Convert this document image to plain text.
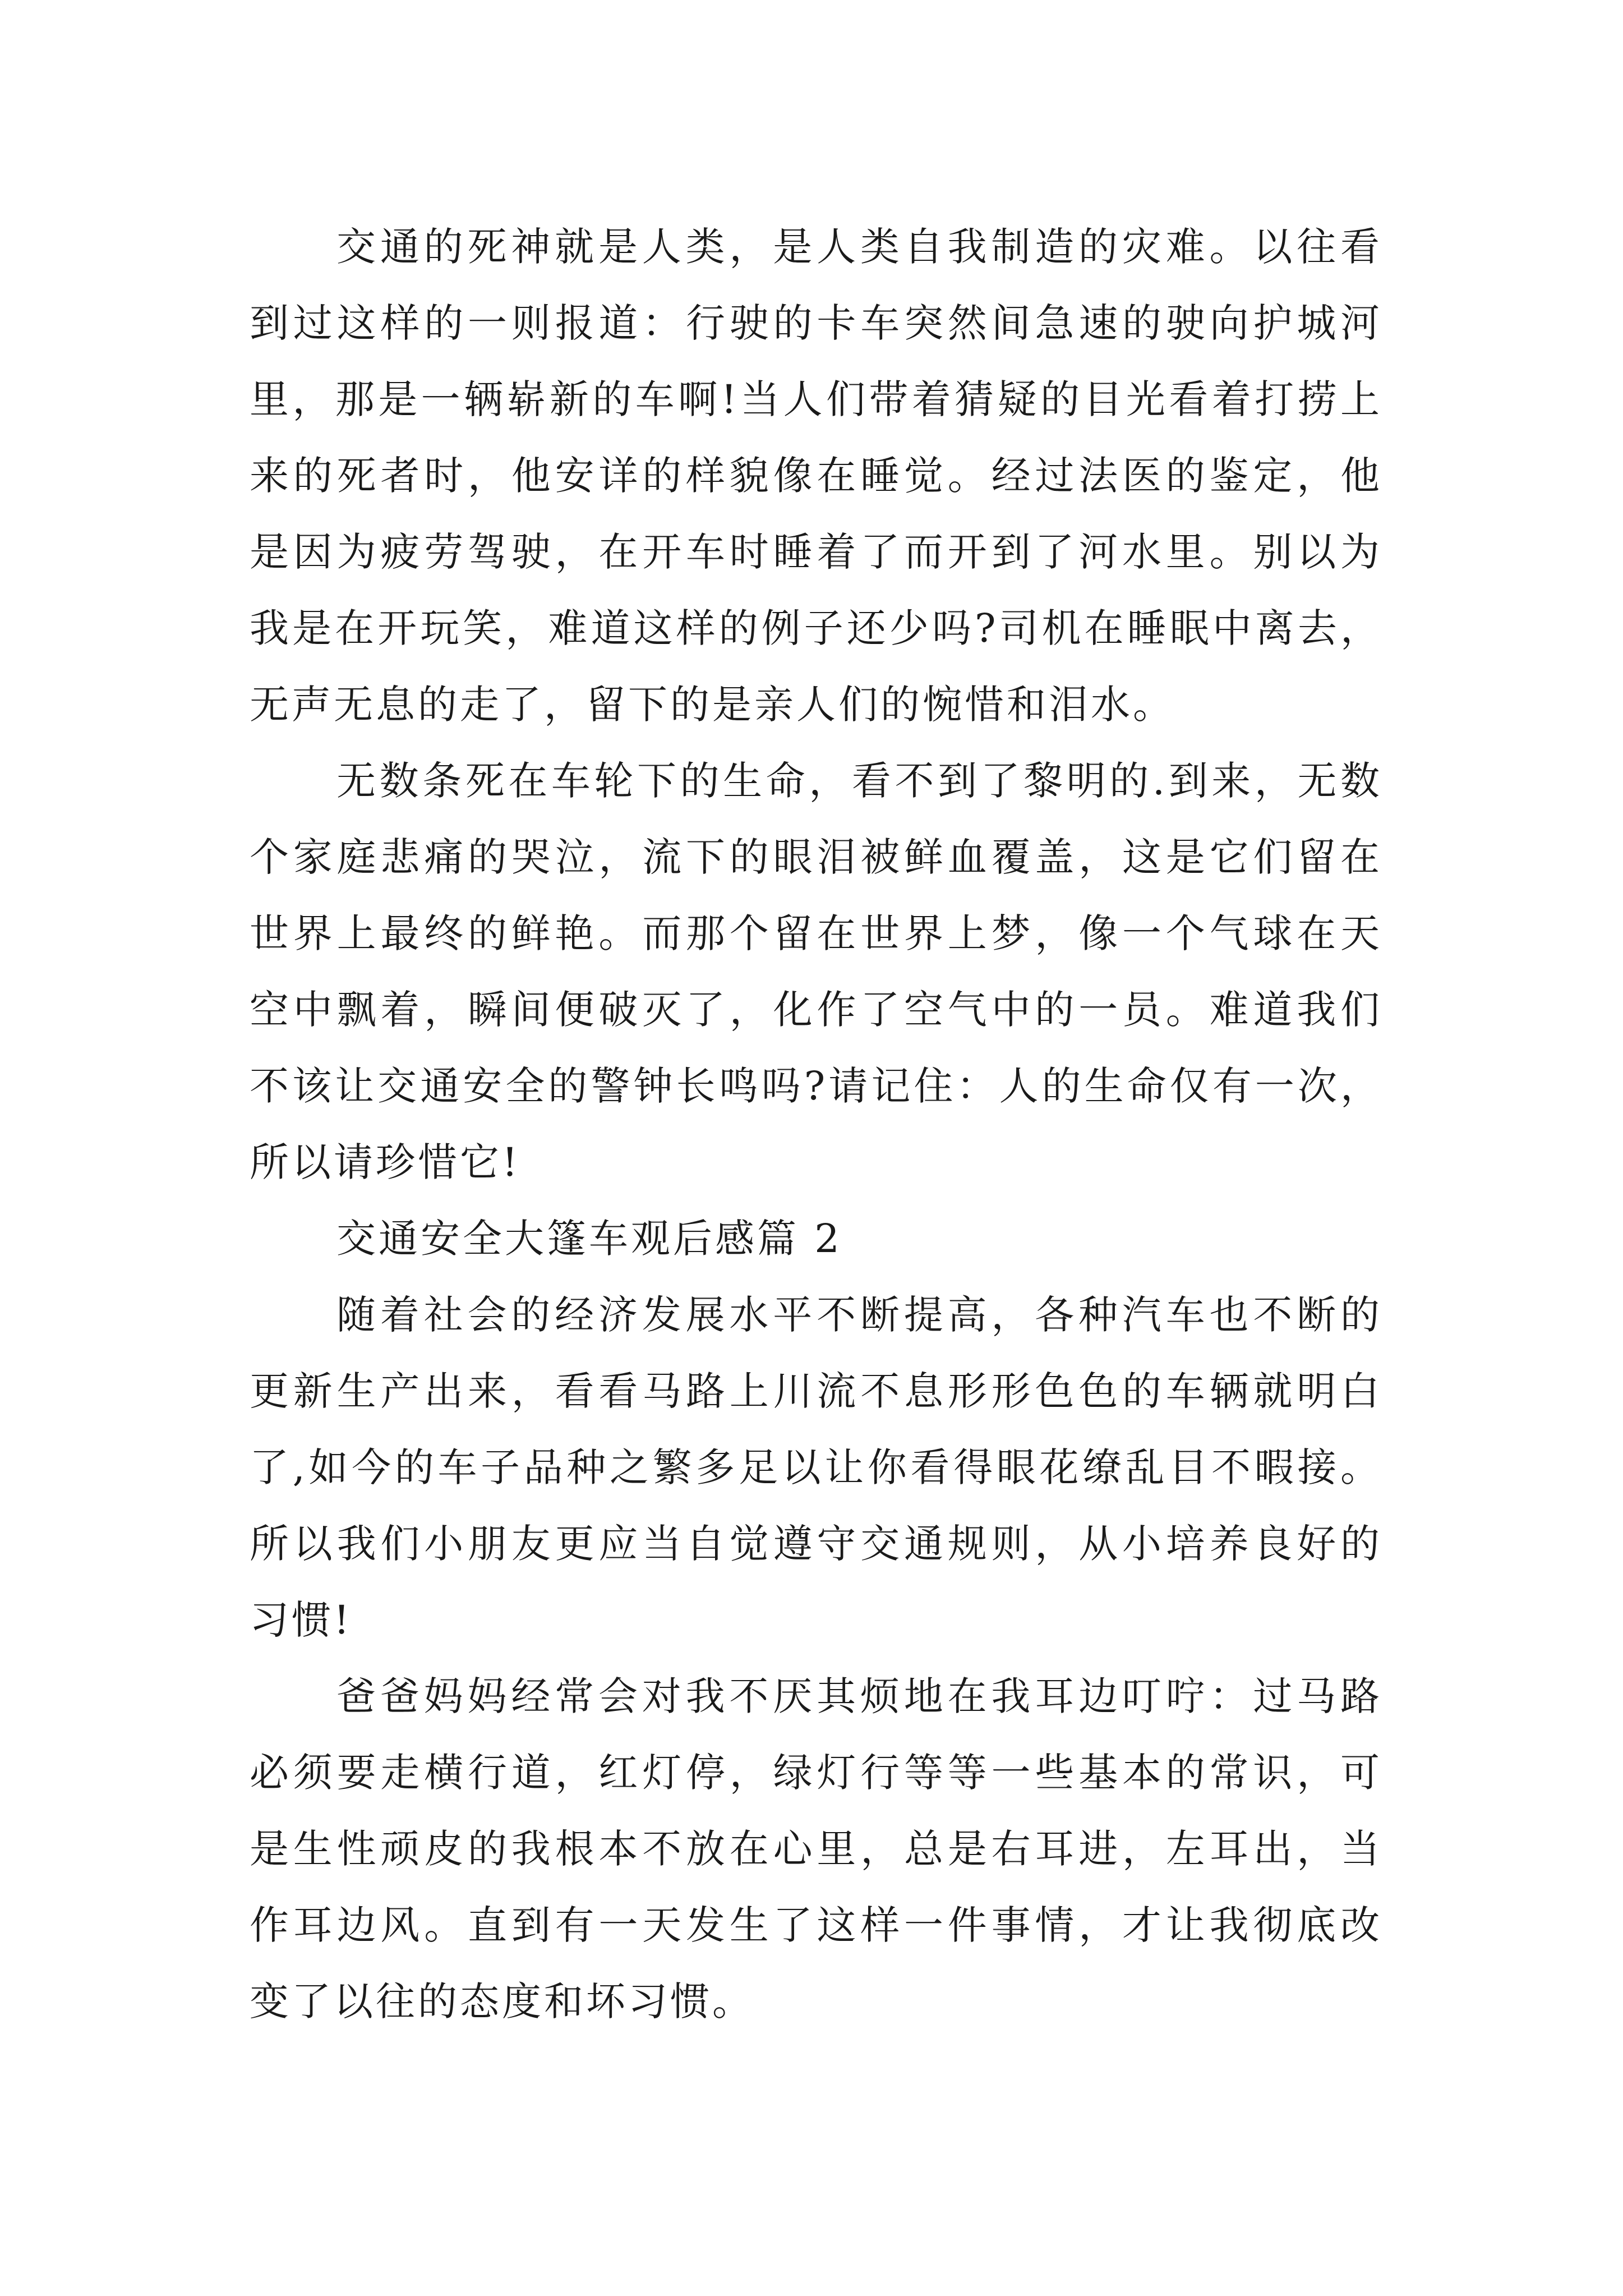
交通的死神就是人类，是人类自我制造的灾难。以往看到过这样的一则报道：行驶的卡车突然间急速的驶向护城河里，那是一辆崭新的车啊!当人们带着猜疑的目光看着打捞上来的死者时，他安详的样貌像在睡觉。经过法医的鉴定，他是因为疲劳驾驶，在开车时睡着了而开到了河水里。别以为我是在开玩笑，难道这样的例子还少吗?司机在睡眠中离去，无声无息的走了，留下的是亲人们的惋惜和泪水。

无数条死在车轮下的生命，看不到了黎明的.到来，无数个家庭悲痛的哭泣，流下的眼泪被鲜血覆盖，这是它们留在世界上最终的鲜艳。而那个留在世界上梦，像一个气球在天空中飘着，瞬间便破灭了，化作了空气中的一员。难道我们不该让交通安全的警钟长鸣吗?请记住：人的生命仅有一次，所以请珍惜它!

交通安全大篷车观后感篇 2

随着社会的经济发展水平不断提高，各种汽车也不断的更新生产出来，看看马路上川流不息形形色色的车辆就明白了,如今的车子品种之繁多足以让你看得眼花缭乱目不暇接。所以我们小朋友更应当自觉遵守交通规则，从小培养良好的习惯!

爸爸妈妈经常会对我不厌其烦地在我耳边叮咛：过马路必须要走横行道，红灯停，绿灯行等等一些基本的常识，可是生性顽皮的我根本不放在心里，总是右耳进，左耳出，当作耳边风。直到有一天发生了这样一件事情，才让我彻底改变了以往的态度和坏习惯。
